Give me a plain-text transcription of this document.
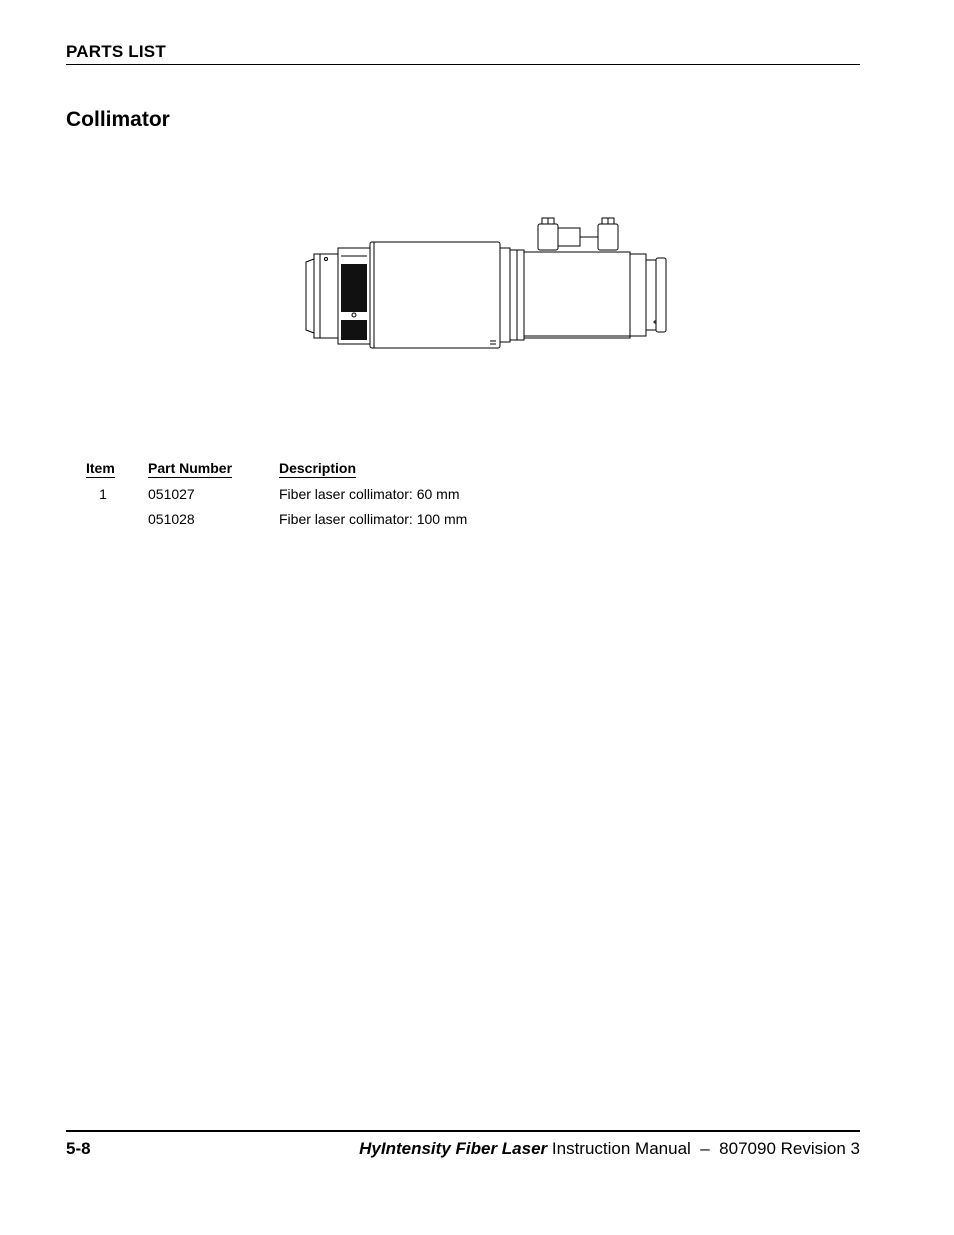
PARTS LIST
Collimator
Item	Part Number	Description
1	051027	Fiber laser collimator: 60 mm
	051028	Fiber laser collimator: 100 mm
5-8	HyIntensity Fiber Laser Instruction Manual – 807090 Revision 3
